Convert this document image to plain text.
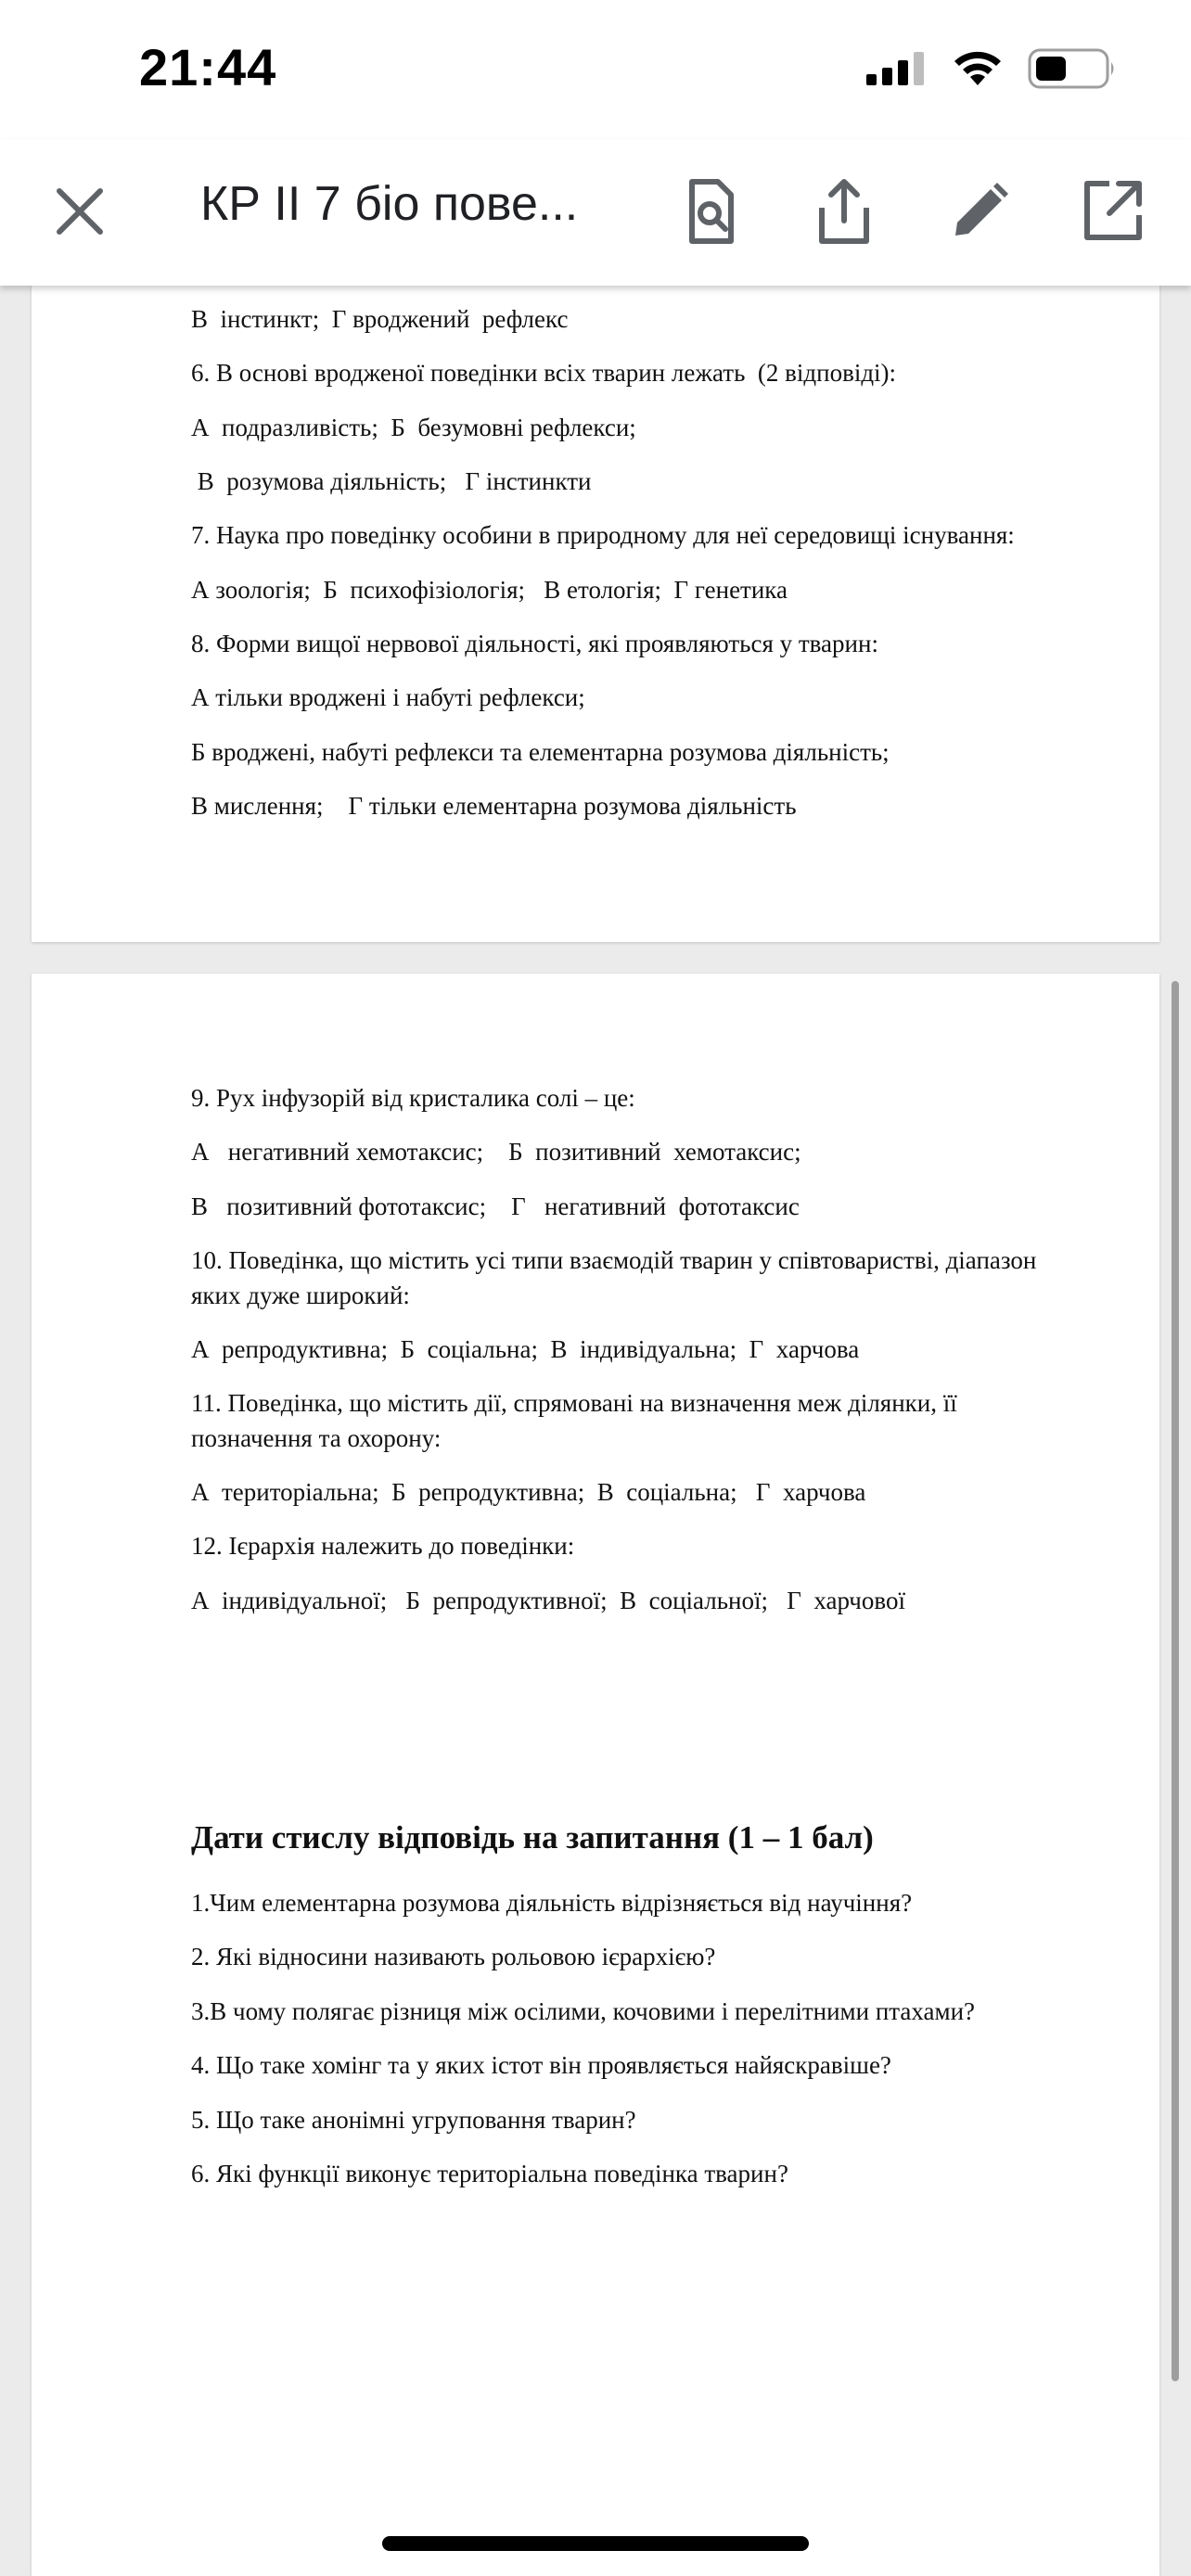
21:44
КР ІІ 7 біо пове...
В  інстинкт;  Г вроджений  рефлекс
6. В основі вродженої поведінки всіх тварин лежать  (2 відповіді):
А  подразливість;  Б  безумовні рефлекси;
В  розумова діяльність;   Г інстинкти
7. Наука про поведінку особини в природному для неї середовищі існування:
А зоологія;  Б  психофізіологія;   В етологія;  Г генетика
8. Форми вищої нервової діяльності, які проявляються у тварин:
А тільки вроджені і набуті рефлекси;
Б вроджені, набуті рефлекси та елементарна розумова діяльність;
В мислення;    Г тільки елементарна розумова діяльність
9. Рух інфузорій від кристалика солі – це:
А   негативний хемотаксис;    Б  позитивний  хемотаксис;
В   позитивний фототаксис;    Г   негативний  фототаксис
10. Поведінка, що містить усі типи взаємодій тварин у співтоваристві, діапазон яких дуже широкий:
А  репродуктивна;  Б  соціальна;  В  індивідуальна;  Г  харчова
11. Поведінка, що містить дії, спрямовані на визначення меж ділянки, її позначення та охорону:
А  територіальна;  Б  репродуктивна;  В  соціальна;   Г  харчова
12. Ієрархія належить до поведінки:
А  індивідуальної;   Б  репродуктивної;  В  соціальної;   Г  харчової
Дати стислу відповідь на запитання (1 – 1 бал)
1.Чим елементарна розумова діяльність відрізняється від научіння?
2. Які відносини називають рольовою ієрархією?
3.В чому полягає різниця між осілими, кочовими і перелітними птахами?
4. Що таке хомінг та у яких істот він проявляється найяскравіше?
5. Що таке анонімні угруповання тварин?
6. Які функції виконує територіальна поведінка тварин?
